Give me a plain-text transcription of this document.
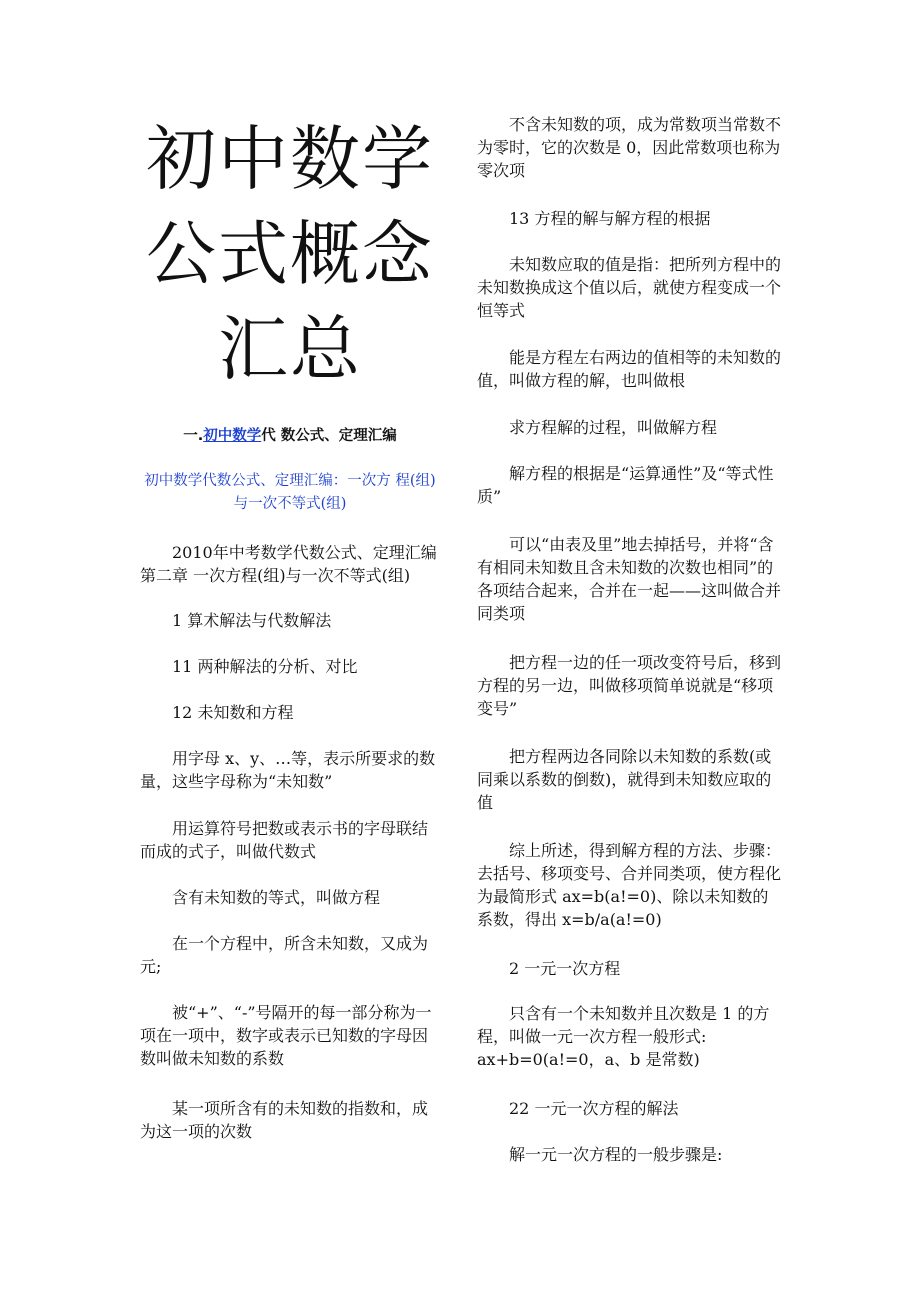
初中数学
公式概念
汇总
一.初中数学代 数公式、定理汇编
初中数学代数公式、定理汇编：一次方 程(组)与一次不等式(组)

2010年中考数学代数公式、定理汇编第二章 一次方程(组)与一次不等式(组)

1 算术解法与代数解法

11 两种解法的分析、对比

12 未知数和方程

用字母 x、y、…等，表示所要求的数量，这些字母称为“未知数”

用运算符号把数或表示书的字母联结而成的式子，叫做代数式

含有未知数的等式，叫做方程

在一个方程中，所含未知数，又成为元;

被“+”、“-”号隔开的每一部分称为一项在一项中，数字或表示已知数的字母因数叫做未知数的系数

某一项所含有的未知数的指数和，成为这一项的次数

不含未知数的项，成为常数项当常数不为零时，它的次数是 0，因此常数项也称为零次项

13 方程的解与解方程的根据

未知数应取的值是指：把所列方程中的未知数换成这个值以后，就使方程变成一个恒等式

能是方程左右两边的值相等的未知数的值，叫做方程的解，也叫做根

求方程解的过程，叫做解方程

解方程的根据是“运算通性”及“等式性质”

可以“由表及里”地去掉括号，并将“含有相同未知数且含未知数的次数也相同”的各项结合起来，合并在一起——这叫做合并同类项

把方程一边的任一项改变符号后，移到方程的另一边，叫做移项简单说就是“移项变号”

把方程两边各同除以未知数的系数(或同乘以系数的倒数)，就得到未知数应取的值

综上所述，得到解方程的方法、步骤：去括号、移项变号、合并同类项，使方程化为最简形式 ax=b(a!=0)、除以未知数的系数，得出 x=b/a(a!=0)

2 一元一次方程

只含有一个未知数并且次数是 1 的方程，叫做一元一次方程一般形式: ax+b=0(a!=0，a、b 是常数)

22 一元一次方程的解法

解一元一次方程的一般步骤是:
